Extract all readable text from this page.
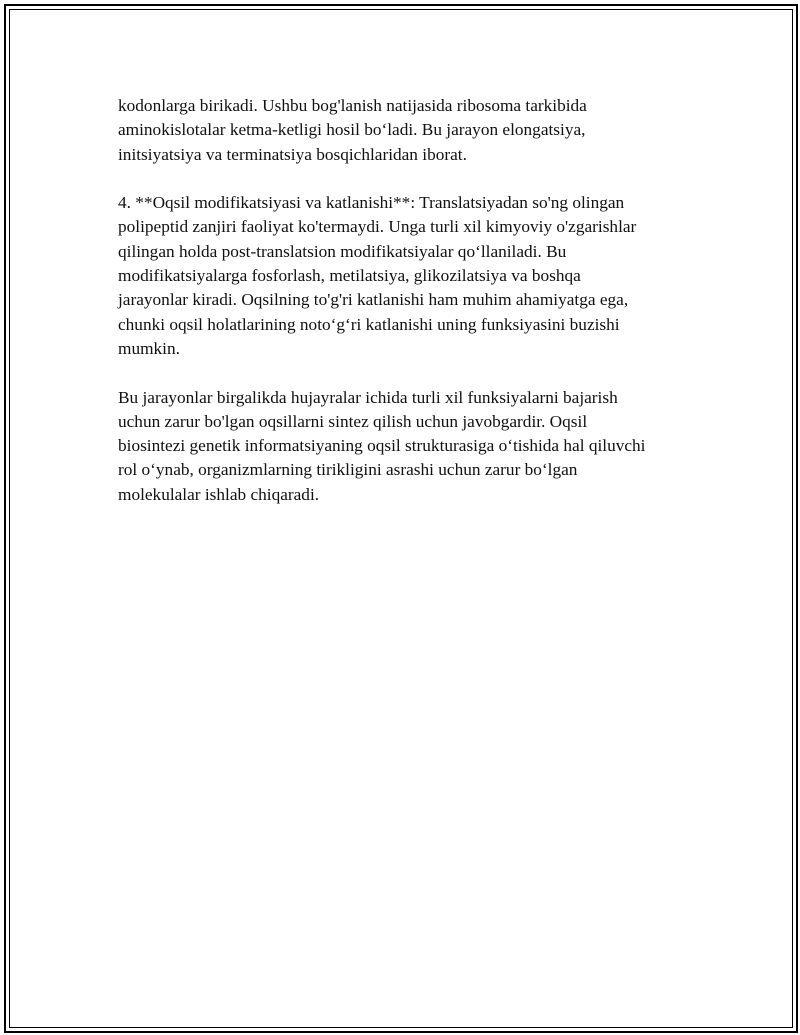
kodonlarga birikadi. Ushbu bog'lanish natijasida ribosoma tarkibida
aminokislotalar ketma-ketligi hosil bo‘ladi. Bu jarayon elongatsiya,
initsiyatsiya va terminatsiya bosqichlaridan iborat.

4. **Oqsil modifikatsiyasi va katlanishi**: Translatsiyadan so'ng olingan
polipeptid zanjiri faoliyat ko'termaydi. Unga turli xil kimyoviy o'zgarishlar
qilingan holda post-translatsion modifikatsiyalar qo‘llaniladi. Bu
modifikatsiyalarga fosforlash, metilatsiya, glikozilatsiya va boshqa
jarayonlar kiradi. Oqsilning to'g'ri katlanishi ham muhim ahamiyatga ega,
chunki oqsil holatlarining noto‘g‘ri katlanishi uning funksiyasini buzishi
mumkin.

Bu jarayonlar birgalikda hujayralar ichida turli xil funksiyalarni bajarish
uchun zarur bo'lgan oqsillarni sintez qilish uchun javobgardir. Oqsil
biosintezi genetik informatsiyaning oqsil strukturasiga o‘tishida hal qiluvchi
rol o‘ynab, organizmlarning tirikligini asrashi uchun zarur bo‘lgan
molekulalar ishlab chiqaradi.
